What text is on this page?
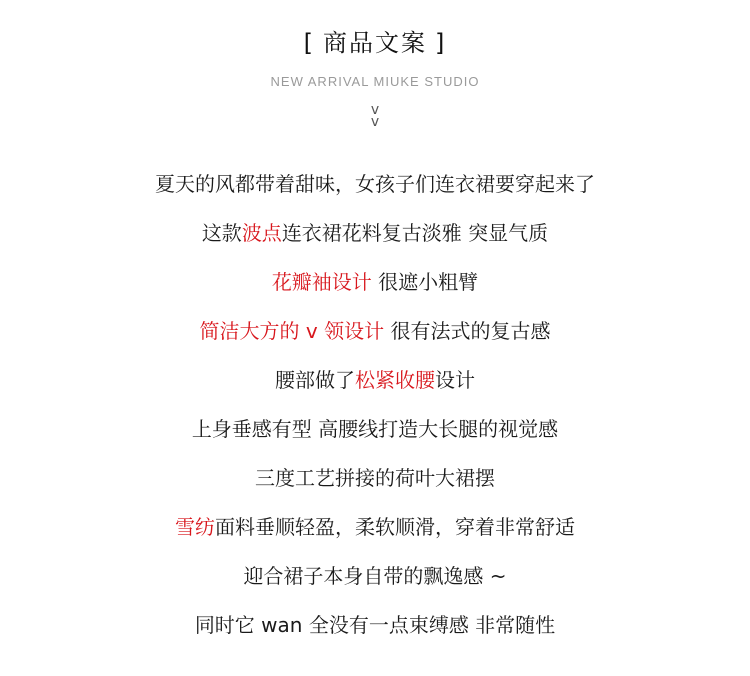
[ 商品文案 ]
NEW ARRIVAL MIUKE STUDIO
v
v
夏天的风都带着甜味，女孩子们连衣裙要穿起来了
这款波点连衣裙花料复古淡雅 突显气质
花瓣袖设计 很遮小粗臂
简洁大方的 v 领设计 很有法式的复古感
腰部做了松紧收腰设计
上身垂感有型 高腰线打造大长腿的视觉感
三度工艺拼接的荷叶大裙摆
雪纺面料垂顺轻盈，柔软顺滑，穿着非常舒适
迎合裙子本身自带的飘逸感 ~
同时它 wan 全没有一点束缚感 非常随性
